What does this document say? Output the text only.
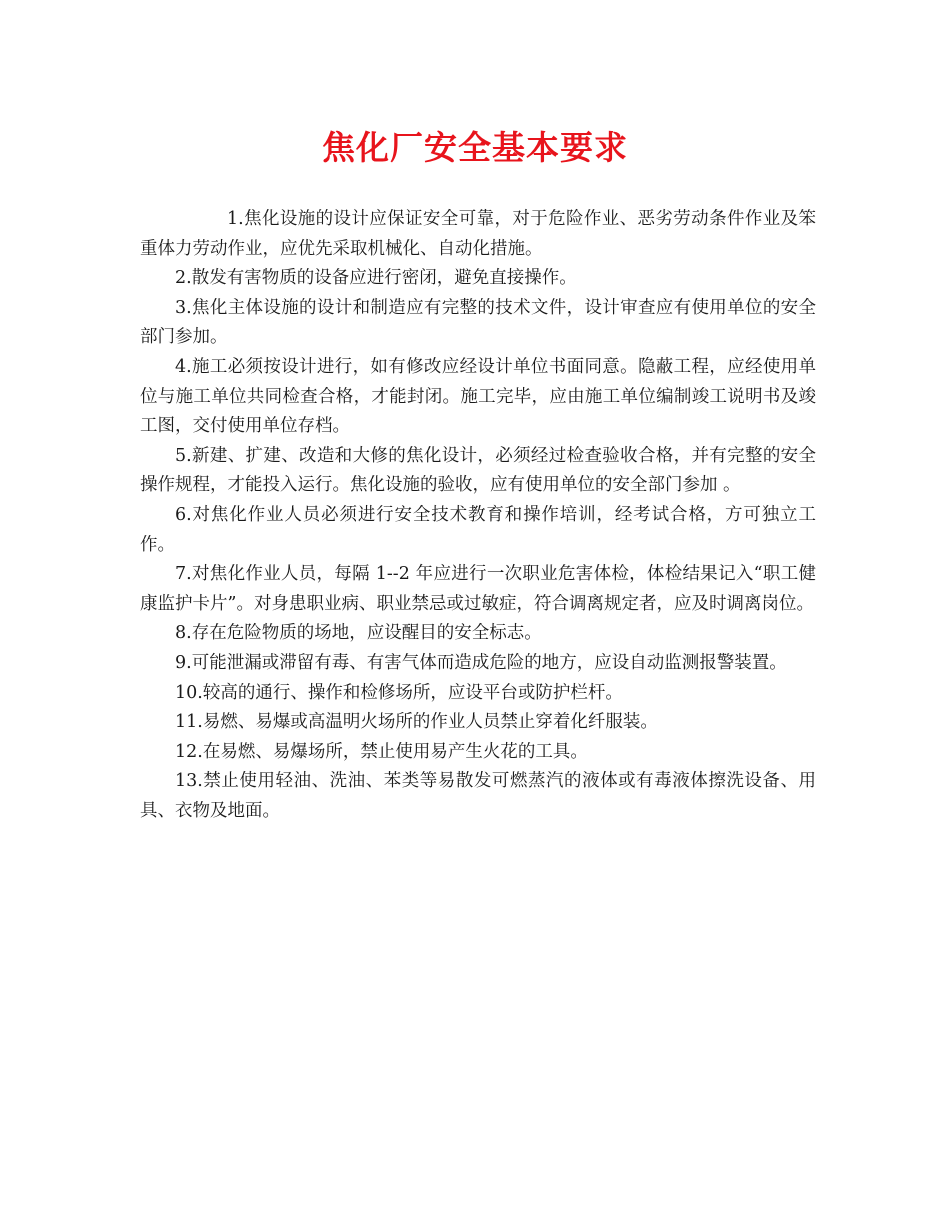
焦化厂安全基本要求

1.焦化设施的设计应保证安全可靠，对于危险作业、恶劣劳动条件作业及笨重体力劳动作业，应优先采取机械化、自动化措施。

2.散发有害物质的设备应进行密闭，避免直接操作。

3.焦化主体设施的设计和制造应有完整的技术文件，设计审查应有使用单位的安全部门参加。

4.施工必须按设计进行，如有修改应经设计单位书面同意。隐蔽工程，应经使用单位与施工单位共同检查合格，才能封闭。施工完毕，应由施工单位编制竣工说明书及竣工图，交付使用单位存档。

5.新建、扩建、改造和大修的焦化设计，必须经过检查验收合格，并有完整的安全操作规程，才能投入运行。焦化设施的验收，应有使用单位的安全部门参加 。

6.对焦化作业人员必须进行安全技术教育和操作培训，经考试合格，方可独立工作。

7.对焦化作业人员，每隔 1--2 年应进行一次职业危害体检，体检结果记入“职工健康监护卡片”。对身患职业病、职业禁忌或过敏症，符合调离规定者，应及时调离岗位。

8.存在危险物质的场地，应设醒目的安全标志。

9.可能泄漏或滞留有毒、有害气体而造成危险的地方，应设自动监测报警装置。

10.较高的通行、操作和检修场所，应设平台或防护栏杆。

11.易燃、易爆或高温明火场所的作业人员禁止穿着化纤服装。

12.在易燃、易爆场所，禁止使用易产生火花的工具。

13.禁止使用轻油、洗油、苯类等易散发可燃蒸汽的液体或有毒液体擦洗设备、用具、衣物及地面。
